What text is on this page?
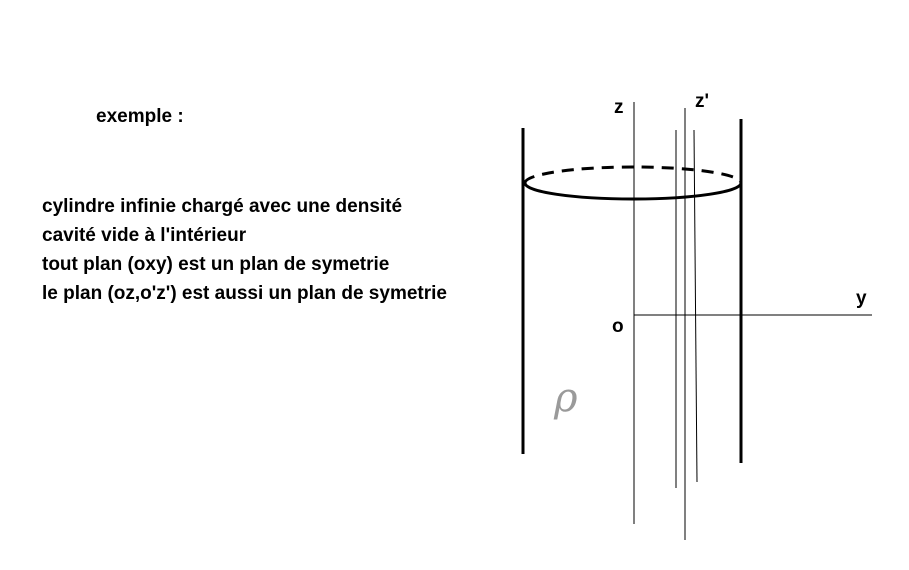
exemple :
cylindre infinie chargé avec une densité
cavité vide à l'intérieur
tout plan (oxy) est un plan de symetrie
le plan (oz,o'z') est aussi un plan de symetrie
z	z'
y
o
ρ
